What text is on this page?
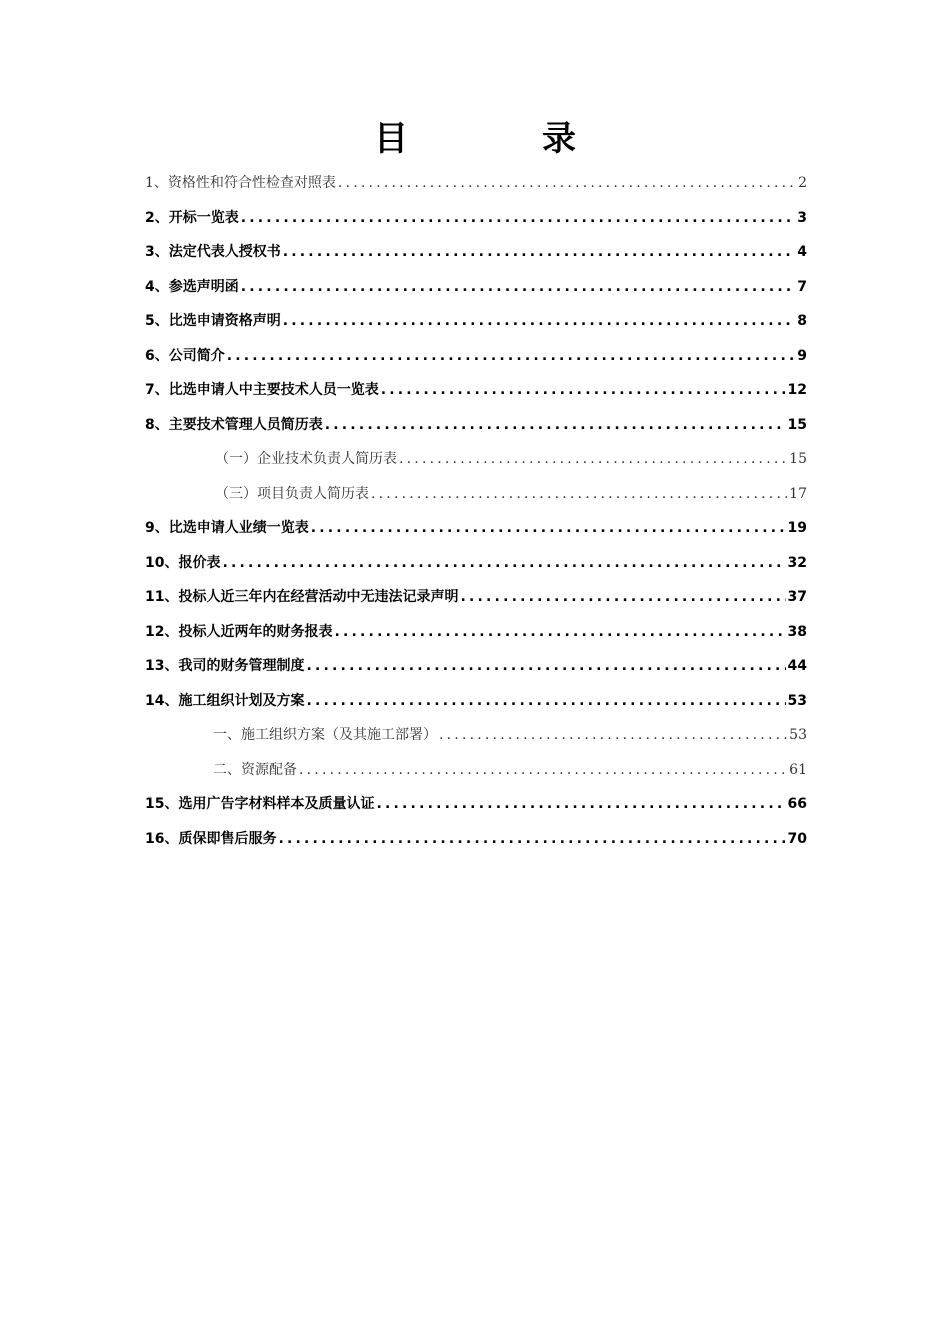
目　录
1、资格性和符合性检查对照表 .....	2
2、开标一览表 .....	3
3、法定代表人授权书 .....	4
4、参选声明函 .....	7
5、比选申请资格声明 .....	8
6、公司简介 .....	9
7、比选申请人中主要技术人员一览表 .....	12
8、主要技术管理人员简历表 .....	15
（一）企业技术负责人简历表 .....	15
（三）项目负责人简历表 .....	17
9、比选申请人业绩一览表 .....	19
10、报价表 .....	32
11、投标人近三年内在经营活动中无违法记录声明 .....	37
12、投标人近两年的财务报表 .....	38
13、我司的财务管理制度 .....	44
14、施工组织计划及方案 .....	53
一、施工组织方案（及其施工部署） .....	53
二、资源配备 .....	61
15、选用广告字材料样本及质量认证 .....	66
16、质保即售后服务 .....	70
